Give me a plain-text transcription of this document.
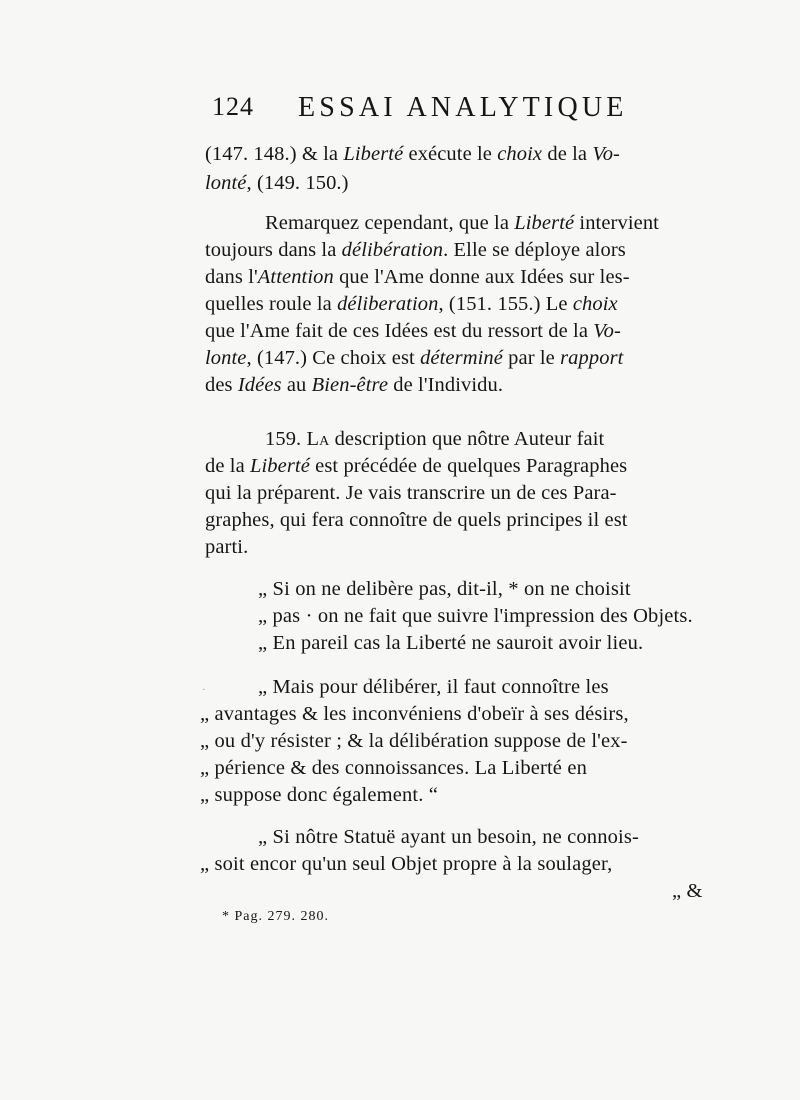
124 ESSAI ANALYTIQUE
(147. 148.) & la Liberté exécute le choix de la Vo-
lonté, (149. 150.)
Remarquez cependant, que la Liberté intervient
toujours dans la délibération. Elle se déploye alors
dans l'Attention que l'Ame donne aux Idées sur les-
quelles roule la déliberation, (151. 155.) Le choix
que l'Ame fait de ces Idées est du ressort de la Vo-
lonte, (147.) Ce choix est déterminé par le rapport
des Idées au Bien-être de l'Individu.
159. La description que nôtre Auteur fait
de la Liberté est précédée de quelques Paragraphes
qui la préparent. Je vais transcrire un de ces Para-
graphes, qui fera connoître de quels principes il est
parti.
„ Si on ne delibère pas, dit-il, * on ne choisit
„ pas · on ne fait que suivre l'impression des Objets.
„ En pareil cas la Liberté ne sauroit avoir lieu.
·	„ Mais pour délibérer, il faut connoître les
„ avantages & les inconvéniens d'obeïr à ses désirs,
„ ou d'y résister ; & la délibération suppose de l'ex-
„ périence & des connoissances. La Liberté en
„ suppose donc également. “
„ Si nôtre Statuë ayant un besoin, ne connois-
„ soit encor qu'un seul Objet propre à la soulager,
„ &
* Pag. 279. 280.
